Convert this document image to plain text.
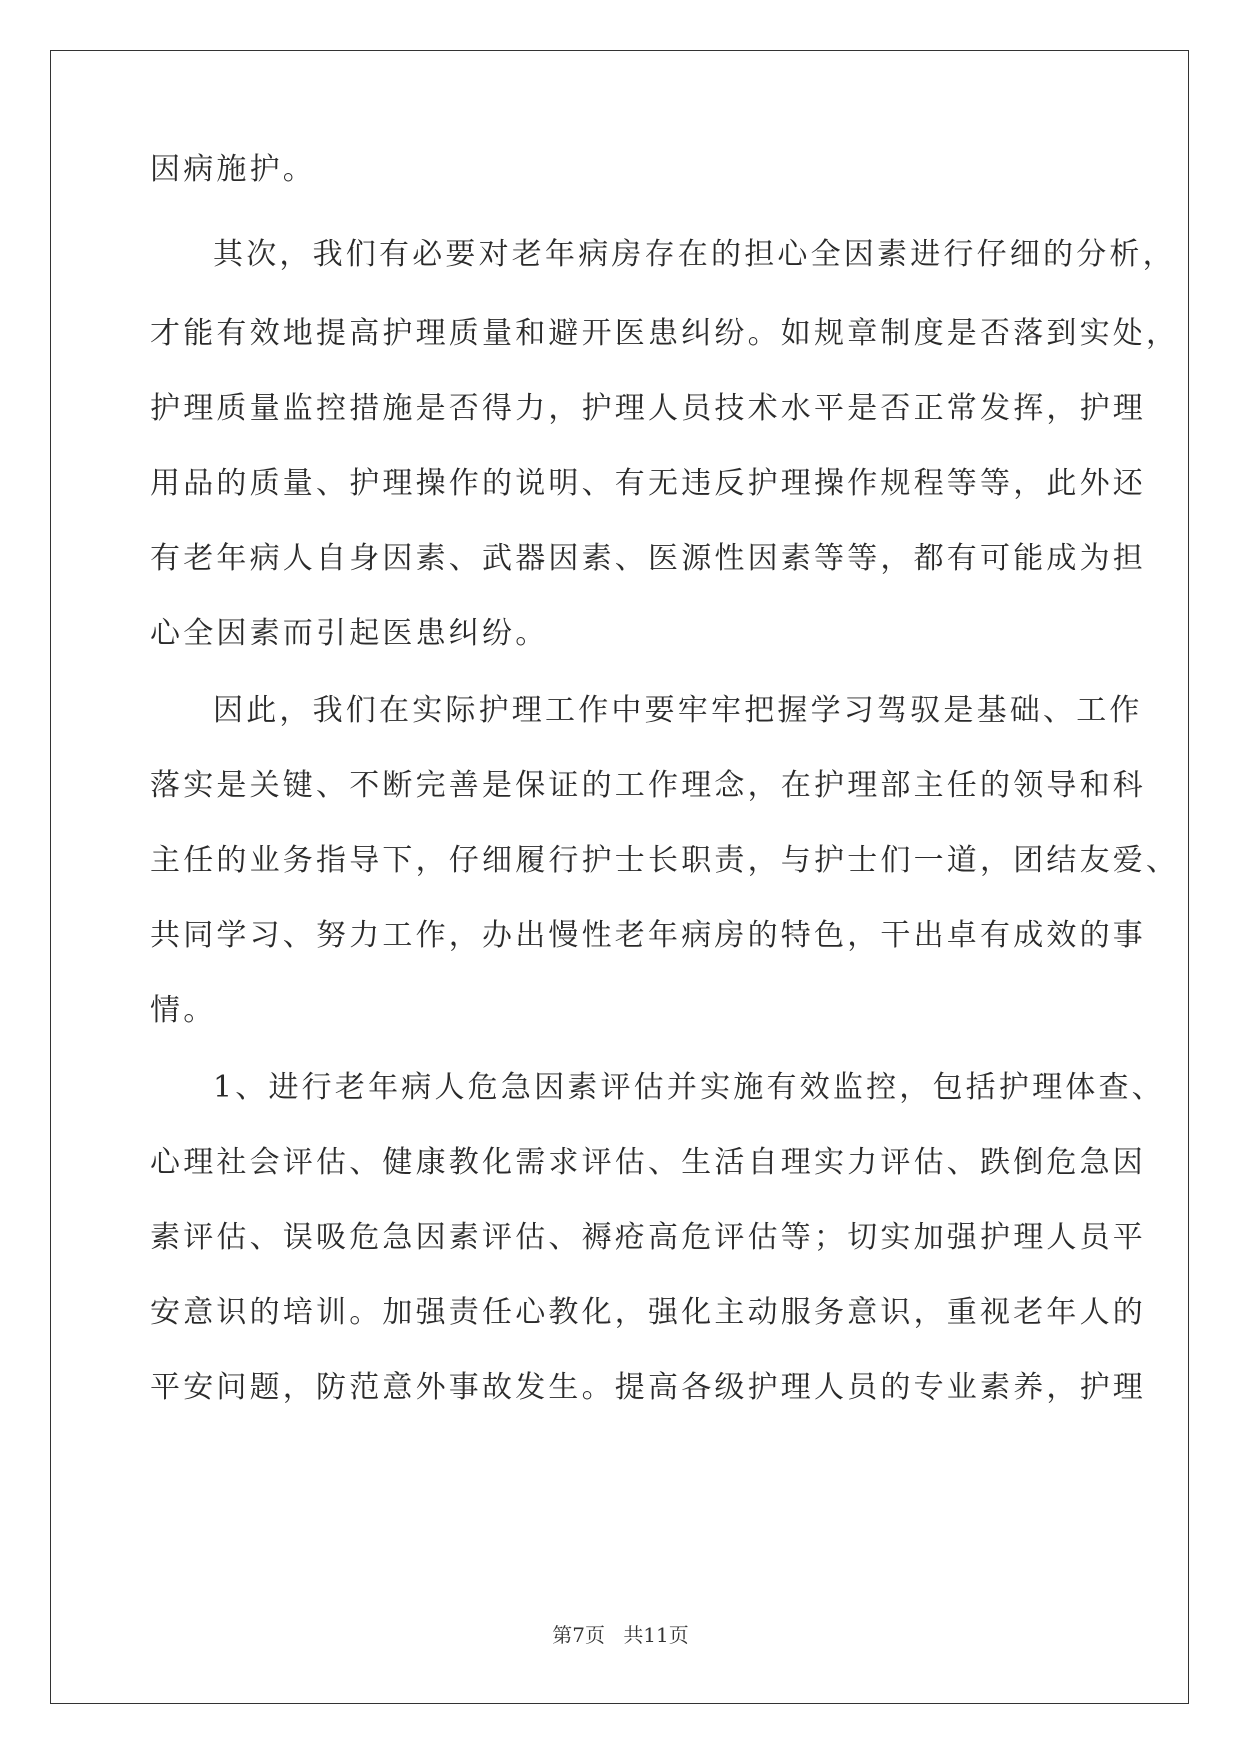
因病施护。
其次，我们有必要对老年病房存在的担心全因素进行仔细的分析，
才能有效地提高护理质量和避开医患纠纷。如规章制度是否落到实处，
护理质量监控措施是否得力，护理人员技术水平是否正常发挥，护理
用品的质量、护理操作的说明、有无违反护理操作规程等等，此外还
有老年病人自身因素、武器因素、医源性因素等等，都有可能成为担
心全因素而引起医患纠纷。
因此，我们在实际护理工作中要牢牢把握学习驾驭是基础、工作
落实是关键、不断完善是保证的工作理念，在护理部主任的领导和科
主任的业务指导下，仔细履行护士长职责，与护士们一道，团结友爱、
共同学习、努力工作，办出慢性老年病房的特色，干出卓有成效的事
情。
1、进行老年病人危急因素评估并实施有效监控，包括护理体查、
心理社会评估、健康教化需求评估、生活自理实力评估、跌倒危急因
素评估、误吸危急因素评估、褥疮高危评估等；切实加强护理人员平
安意识的培训。加强责任心教化，强化主动服务意识，重视老年人的
平安问题，防范意外事故发生。提高各级护理人员的专业素养，护理
第7页 共11页
